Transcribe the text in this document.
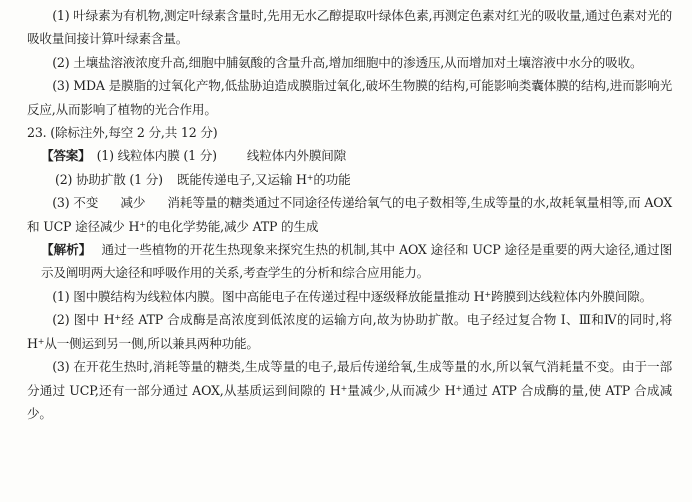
(1) 叶绿素为有机物,测定叶绿素含量时,先用无水乙醇提取叶绿体色素,再测定色素对红光的吸收量,通过色素对光的吸收量间接计算叶绿素含量。

(2) 土壤盐溶液浓度升高,细胞中脯氨酸的含量升高,增加细胞中的渗透压,从而增加对土壤溶液中水分的吸收。

(3) MDA 是膜脂的过氧化产物,低盐胁迫造成膜脂过氧化,破坏生物膜的结构,可能影响类囊体膜的结构,进而影响光反应,从而影响了植物的光合作用。

23. (除标注外,每空 2 分,共 12 分)

【答案】 (1) 线粒体内膜 (1 分) 线粒体内外膜间隙

(2) 协助扩散 (1 分) 既能传递电子,又运输 H+的功能

(3) 不变 减少 消耗等量的糖类通过不同途径传递给氧气的电子数相等,生成等量的水,故耗氧量相等,而 AOX 和 UCP 途径减少 H+的电化学势能,减少 ATP 的生成

【解析】 通过一些植物的开花生热现象来探究生热的机制,其中 AOX 途径和 UCP 途径是重要的两大途径,通过图示及阐明两大途径和呼吸作用的关系,考查学生的分析和综合应用能力。

(1) 图中膜结构为线粒体内膜。图中高能电子在传递过程中逐级释放能量推动 H+跨膜到达线粒体内外膜间隙。

(2) 图中 H+经 ATP 合成酶是高浓度到低浓度的运输方向,故为协助扩散。电子经过复合物 Ⅰ、Ⅲ和Ⅳ的同时,将 H+从一侧运到另一侧,所以兼具两种功能。

(3) 在开花生热时,消耗等量的糖类,生成等量的电子,最后传递给氧,生成等量的水,所以氧气消耗量不变。由于一部分通过 UCP,还有一部分通过 AOX,从基质运到间隙的 H+量减少,从而减少 H+通过 ATP 合成酶的量,使 ATP 合成减少。
